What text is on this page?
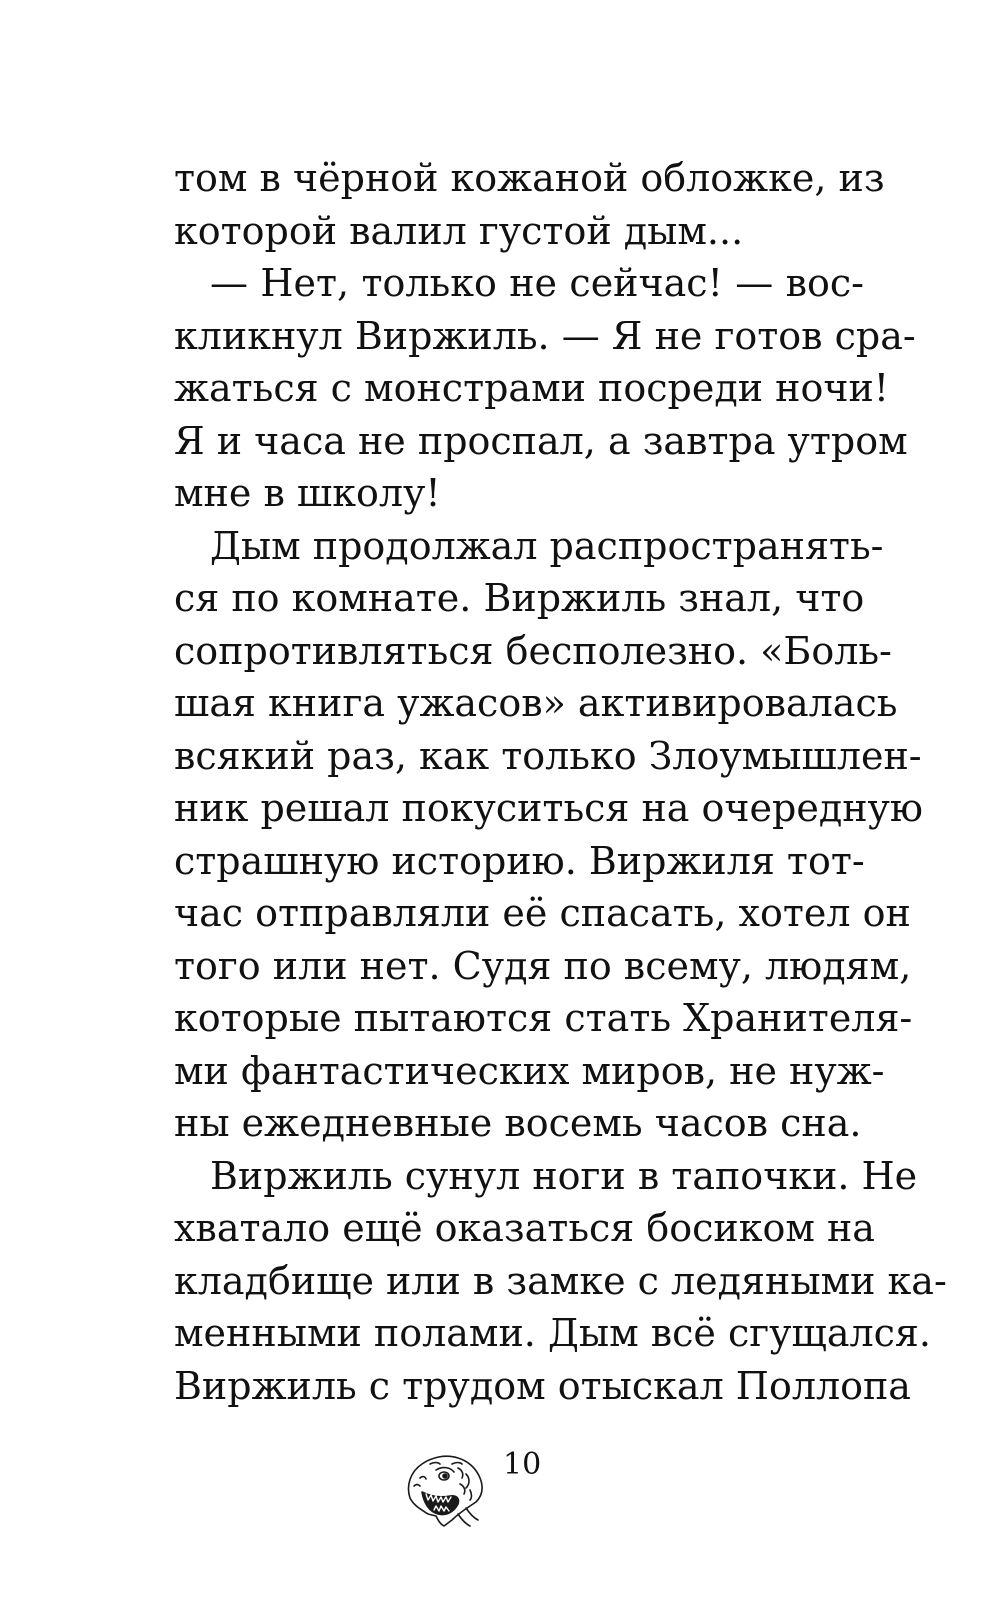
том в чёрной кожаной обложке, из
которой валил густой дым...
— Нет, только не сейчас! — вос-
кликнул Виржиль. — Я не готов сра-
жаться с монстрами посреди ночи!
Я и часа не проспал, а завтра утром
мне в школу!
Дым продолжал распространять-
ся по комнате. Виржиль знал, что
сопротивляться бесполезно. «Боль-
шая книга ужасов» активировалась
всякий раз, как только Злоумышлен-
ник решал покуситься на очередную
страшную историю. Виржиля тот-
час отправляли её спасать, хотел он
того или нет. Судя по всему, людям,
которые пытаются стать Хранителя-
ми фантастических миров, не нуж-
ны ежедневные восемь часов сна.
Виржиль сунул ноги в тапочки. Не
хватало ещё оказаться босиком на
кладбище или в замке с ледяными ка-
менными полами. Дым всё сгущался.
Виржиль с трудом отыскал Поллопа
10
